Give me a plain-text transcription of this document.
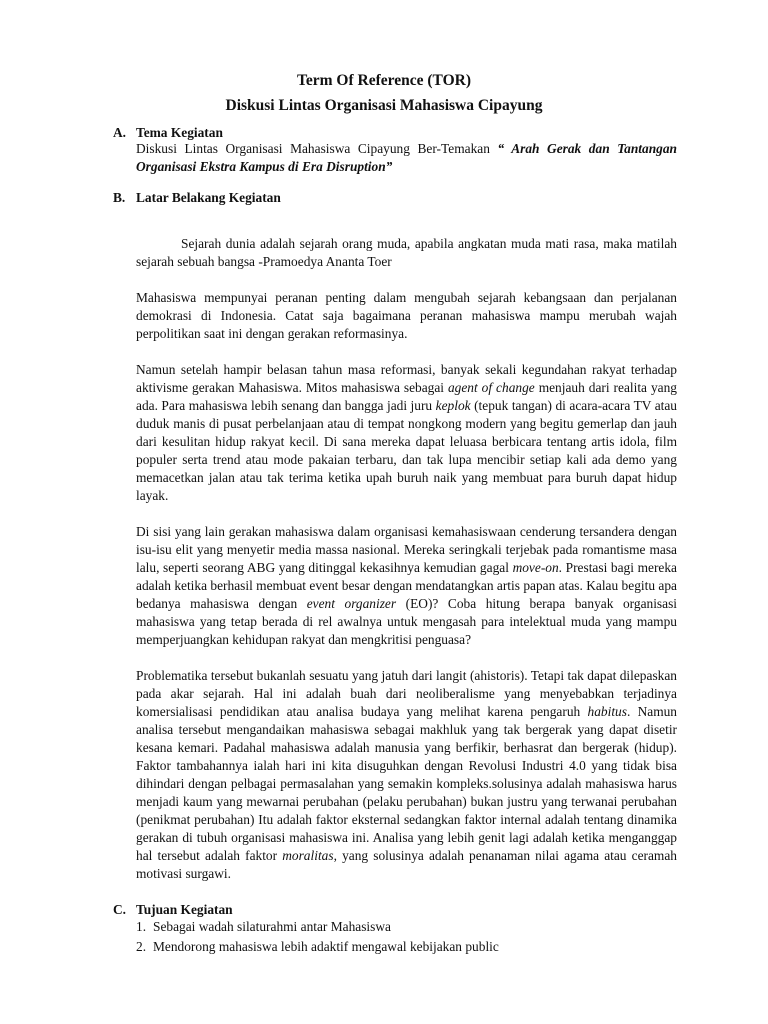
Term Of Reference (TOR)
Diskusi Lintas Organisasi Mahasiswa Cipayung
A. Tema Kegiatan

Diskusi Lintas Organisasi Mahasiswa Cipayung Ber-Temakan “ Arah Gerak dan Tantangan Organisasi Ekstra Kampus di Era Disruption”

B. Latar Belakang Kegiatan

Sejarah dunia adalah sejarah orang muda, apabila angkatan muda mati rasa, maka matilah sejarah sebuah bangsa -Pramoedya Ananta Toer

Mahasiswa mempunyai peranan penting dalam mengubah sejarah kebangsaan dan perjalanan demokrasi di Indonesia. Catat saja bagaimana peranan mahasiswa mampu merubah wajah perpolitikan saat ini dengan gerakan reformasinya.

Namun setelah hampir belasan tahun masa reformasi, banyak sekali kegundahan rakyat terhadap aktivisme gerakan Mahasiswa. Mitos mahasiswa sebagai agent of change menjauh dari realita yang ada. Para mahasiswa lebih senang dan bangga jadi juru keplok (tepuk tangan) di acara-acara TV atau duduk manis di pusat perbelanjaan atau di tempat nongkong modern yang begitu gemerlap dan jauh dari kesulitan hidup rakyat kecil. Di sana mereka dapat leluasa berbicara tentang artis idola, film populer serta trend atau mode pakaian terbaru, dan tak lupa mencibir setiap kali ada demo yang memacetkan jalan atau tak terima ketika upah buruh naik yang membuat para buruh dapat hidup layak.

Di sisi yang lain gerakan mahasiswa dalam organisasi kemahasiswaan cenderung tersandera dengan isu-isu elit yang menyetir media massa nasional. Mereka seringkali terjebak pada romantisme masa lalu, seperti seorang ABG yang ditinggal kekasihnya kemudian gagal move-on. Prestasi bagi mereka adalah ketika berhasil membuat event besar dengan mendatangkan artis papan atas. Kalau begitu apa bedanya mahasiswa dengan event organizer (EO)? Coba hitung berapa banyak organisasi mahasiswa yang tetap berada di rel awalnya untuk mengasah para intelektual muda yang mampu memperjuangkan kehidupan rakyat dan mengkritisi penguasa?

Problematika tersebut bukanlah sesuatu yang jatuh dari langit (ahistoris). Tetapi tak dapat dilepaskan pada akar sejarah. Hal ini adalah buah dari neoliberalisme yang menyebabkan terjadinya komersialisasi pendidikan atau analisa budaya yang melihat karena pengaruh habitus. Namun analisa tersebut mengandaikan mahasiswa sebagai makhluk yang tak bergerak yang dapat disetir kesana kemari. Padahal mahasiswa adalah manusia yang berfikir, berhasrat dan bergerak (hidup). Faktor tambahannya ialah hari ini kita disuguhkan dengan Revolusi Industri 4.0 yang tidak bisa dihindari dengan pelbagai permasalahan yang semakin kompleks.solusinya adalah mahasiswa harus menjadi kaum yang mewarnai perubahan (pelaku perubahan) bukan justru yang terwanai perubahan (penikmat perubahan) Itu adalah faktor eksternal sedangkan faktor internal adalah tentang dinamika gerakan di tubuh organisasi mahasiswa ini. Analisa yang lebih genit lagi adalah ketika menganggap hal tersebut adalah faktor moralitas, yang solusinya adalah penanaman nilai agama atau ceramah motivasi surgawi.

C. Tujuan Kegiatan
1. Sebagai wadah silaturahmi antar Mahasiswa
2. Mendorong mahasiswa lebih adaktif mengawal kebijakan public
